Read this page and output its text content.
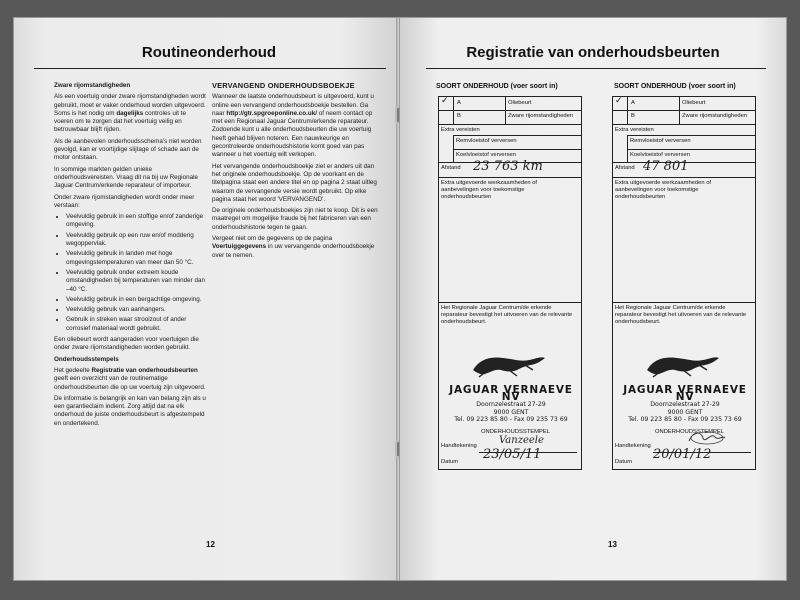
Routineonderhoud

Zware rijomstandigheden

Als een voertuig onder zware rijomstandigheden wordt gebruikt, moet er vaker onderhoud worden uitgevoerd. Soms is het nodig om dagelijks controles uit te voeren om te zorgen dat het voertuig veilig en betrouwbaar blijft rijden.

Als de aanbevolen onderhoudsschema's niet worden gevolgd, kan er voortijdige slijtage of schade aan de motor ontstaan.

In sommige markten gelden unieke onderhoudsvereisten. Vraag dit na bij uw Regionale Jaguar Centrum/erkende reparateur of importeur.

Onder zware rijomstandigheden wordt onder meer verstaan:

• Veelvuldig gebruik in een stoffige en/of zanderige omgeving.
• Veelvuldig gebruik op een ruw en/of modderig wegoppervlak.
• Veelvuldig gebruik in landen met hoge omgevingstemperaturen van meer dan 50 °C.
• Veelvuldig gebruik onder extreem koude omstandigheden bij temperaturen van minder dan –40 °C.
• Veelvuldig gebruik in een bergachtige omgeving.
• Veelvuldig gebruik van aanhangers.
• Gebruik in streken waar strooizout of ander corrosief materiaal wordt gebruikt.

Een oliebeurt wordt aangeraden voor voertuigen die onder zware rijomstandigheden worden gebruikt.

Onderhoudsstempels

Het gedeelte Registratie van onderhoudsbeurten geeft een overzicht van de routinematige onderhoudsbeurten die op uw voertuig zijn uitgevoerd.

De informatie is belangrijk en kan van belang zijn als u een garantieclaim indient. Zorg altijd dat na elk onderhoud de juiste onderhoudsbeurt is afgestempeld en ondertekend.

VERVANGEND ONDERHOUDSBOEKJE

Wanneer de laatste onderhoudsbeurt is uitgevoerd, kunt u online een vervangend onderhoudsboekje bestellen. Ga naar http://gtr.spgroeponline.co.uk/ of neem contact op met een Regionaal Jaguar Centrum/erkende reparateur. Zodoende kunt u alle onderhoudsbeurten die uw voertuig heeft gehad blijven noteren. Een nauwkeurige en gecontroleerde onderhoudshistorie komt goed van pas wanneer u het voertuig wilt verkopen.

Het vervangende onderhoudsboekje ziet er anders uit dan het originele onderhoudsboekje. Op de voorkant en de titelpagina staat een andere titel en op pagina 2 staat uitleg waarom de vervangende versie wordt gebruikt. Op elke pagina staat het woord 'VERVANGEND'.

De originele onderhoudsboekjes zijn niet te koop. Dit is een maatregel om mogelijke fraude bij het fabriceren van een onderhoudshistorie tegen te gaan.

Vergeet niet om de gegevens op de pagina Voertuiggegevens in uw vervangende onderhoudsboekje over te nemen.

12
Registratie van onderhoudsbeurten
SOORT ONDERHOUD (voer soort in)
✓ A	Oliebeurt
B	Zware rijomstandigheden
Extra vereisten
Remvloeistof verversen
Koelvloeistof verversen
Afstand 23 763 km
Extra uitgevoerde werkzaamheden of aanbevelingen voor toekomstige onderhoudsbeurten
Het Regionale Jaguar Centrum/de erkende reparateur bevestigt het uitvoeren van de relevante onderhoudsbeurt.
JAGUAR VERNAEVE NV
Doornzelestraat 27-29
9000 GENT
Tel. 09 223 85 80 - Fax 09 235 73 69
ONDERHOUDSSTEMPEL
Handtekening Vanzeele
Datum 23/05/11
SOORT ONDERHOUD (voer soort in)
✓ A	Oliebeurt
B	Zware rijomstandigheden
Extra vereisten
Remvloeistof verversen
Koelvloeistof verversen
Afstand 47 801
Extra uitgevoerde werkzaamheden of aanbevelingen voor toekomstige onderhoudsbeurten
Het Regionale Jaguar Centrum/de erkende reparateur bevestigt het uitvoeren van de relevante onderhoudsbeurt.
JAGUAR VERNAEVE NV
Doornzelestraat 27-29
9000 GENT
Tel. 09 223 85 80 - Fax 09 235 73 69
ONDERHOUDSSTEMPEL
Handtekening
Datum 20/01/12
13
